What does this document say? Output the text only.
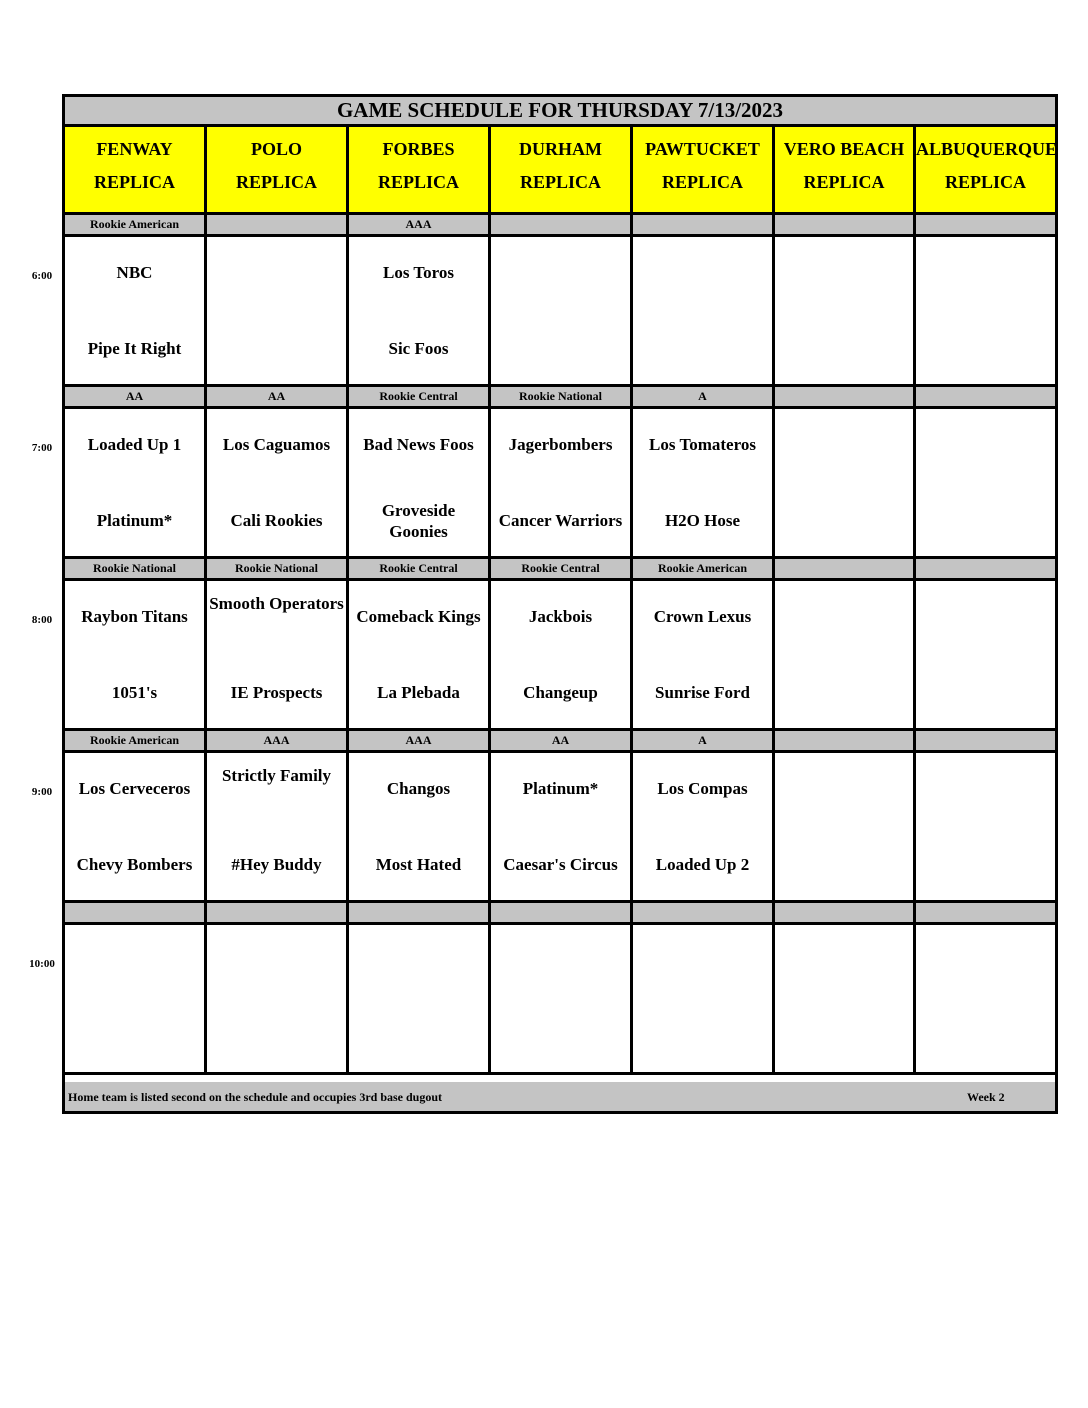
GAME SCHEDULE FOR THURSDAY 7/13/2023
FENWAY
REPLICA
POLO
REPLICA
FORBES
REPLICA
DURHAM
REPLICA
PAWTUCKET
REPLICA
VERO BEACH
REPLICA
ALBUQUERQUE
REPLICA
Rookie American
NBC
Pipe It Right
AAA
Los Toros
Sic Foos
AA
Loaded Up 1
Platinum*
AA
Los Caguamos
Cali Rookies
Rookie Central
Bad News Foos
Groveside Goonies
Rookie National
Jagerbombers
Cancer Warriors
A
Los Tomateros
H2O Hose
Rookie National
Raybon Titans
1051's
Rookie National
Smooth Operators
IE Prospects
Rookie Central
Comeback Kings
La Plebada
Rookie Central
Jackbois
Changeup
Rookie American
Crown Lexus
Sunrise Ford
Rookie American
Los Cerveceros
Chevy Bombers
AAA
Strictly Family
#Hey Buddy
AAA
Changos
Most Hated
AA
Platinum*
Caesar's Circus
A
Los Compas
Loaded Up 2
Home team is listed second on the schedule and occupies 3rd base dugout	Week 2
6:00
7:00
8:00
9:00
10:00
